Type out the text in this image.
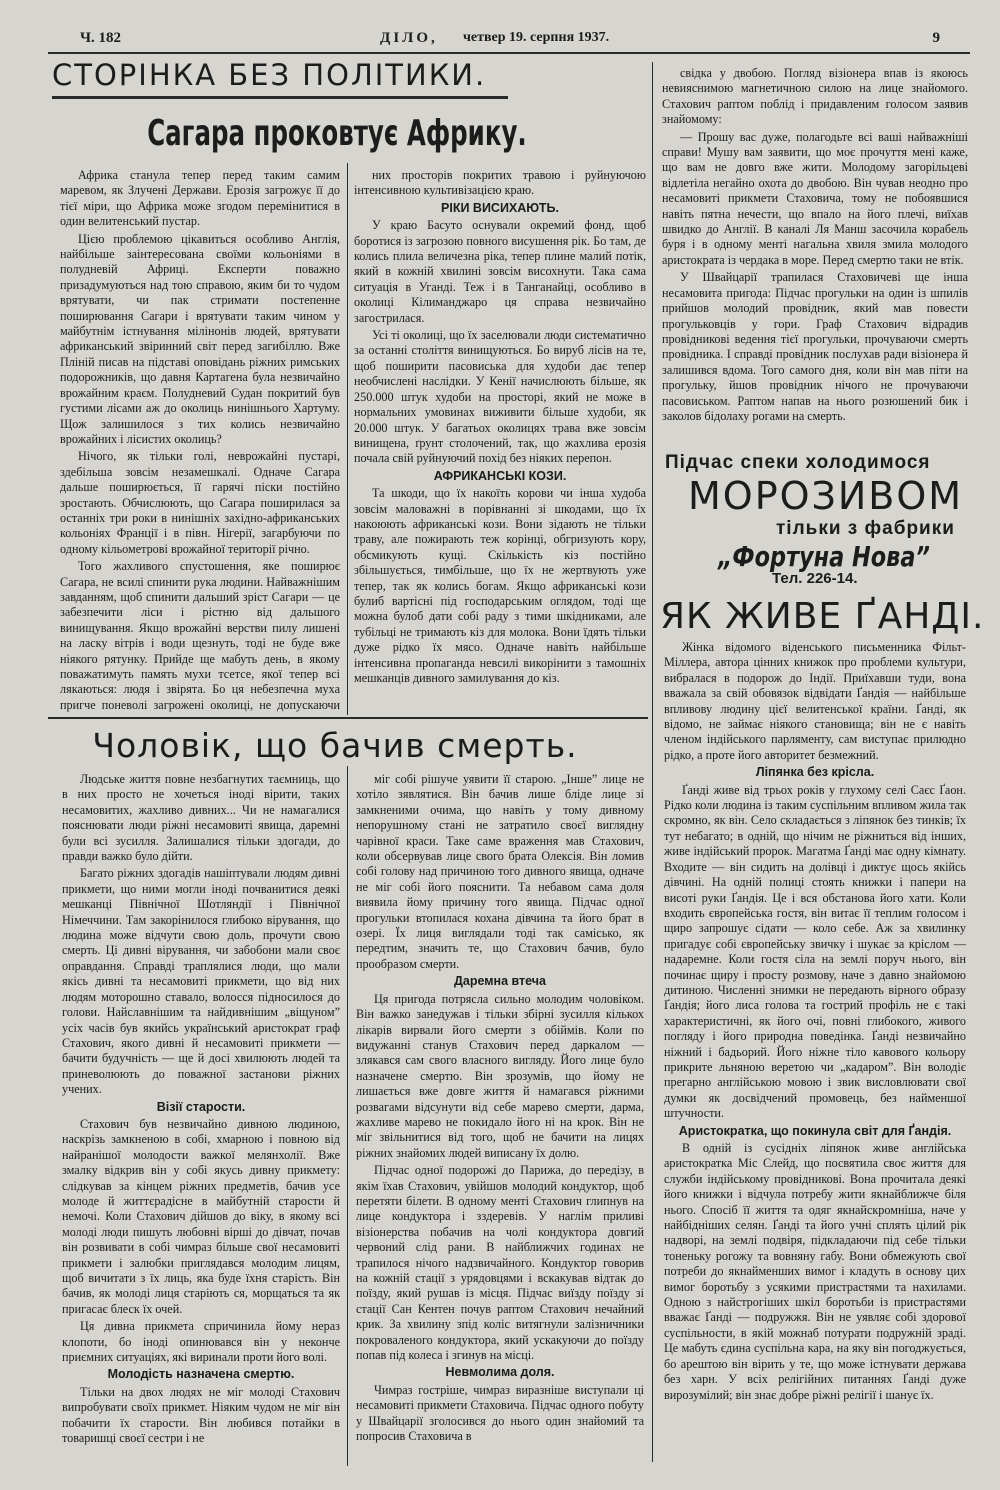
Ч. 182	ДІЛО, четвер 19. серпня 1937.	9
СТОРІНКА БЕЗ ПОЛІТИКИ.
Сагара проковтує Африку.

Африка станула тепер перед таким самим маревом, як Злучені Держави. Ерозія загрожує її до тієї міри, що Африка може згодом перемінитися в один велитенський пустар.

Цією проблемою цікавиться особливо Англія, найбільше заінтересована своїми кольоніями в полудневій Африці. Експерти поважно призадумуються над тою справою, яким би то чудом врятувати, чи пак стримати постепенне поширювання Сагари і врятувати таким чином у майбутнім істнування мілінонів людей, врятувати африканський звіринний світ перед загибіллю. Вже Пліній писав на підставі оповідань ріжних римських подорожників, що давня Картагена була незвичайно врожайним краєм. Полудневий Судан покритий був густими лісами аж до околиць нинішнього Хартуму. Щож залишилося з тих колись незвичайно врожайних і лісистих околиць?

Нічого, як тільки голі, неврожайні пустарі, здебільша зовсім незамешкалі. Одначе Сагара дальше поширюється, її гарячі піски постійно зростають. Обчислюють, що Сагара поширилася за останніх три роки в нинішніх західно-африканських кольоніях Франції і в півн. Нігерії, загарбуючи по одному кільометрові врожайної території річно.

Того жахливого спустошення, яке поширює Сагара, не всилі спинити рука людини. Найважнішим завданням, щоб спинити дальший зріст Сагари — це забезпечити ліси і рістню від дальшого винищування. Якщо врожайні верстви пилу лишені на ласку вітрів і води щезнуть, тоді не буде вже ніякого рятунку. Прийде ще мабуть день, в якому поважатимуть память мухи тсетсе, якої тепер всі лякаються: людя і звірята. Бо ця небезпечна муха пригче поневолі загрожені околиці, не допускаючи

них просторів покритих травою і руйнуючою інтенсивною культивізацією краю.

РІКИ ВИСИХАЮТЬ.

У краю Басуто оснували окремий фонд, щоб боротися із загрозою повного висушення рік. Бо там, де колись плила величезна ріка, тепер плине малий потік, який в кожній хвилині зовсім висохнути. Така сама ситуація в Уганді. Теж і в Танганайці, особливо в околиці Кілиманджаро ця справа незвичайно загострилася.

Усі ті околиці, що їх заселювали люди систематично за останні століття винищуються. Бо вируб лісів на те, щоб поширити пасовиська для худоби дає тепер необчислені наслідки. У Кенії начислюють більше, як 250.000 штук худоби на просторі, який не може в нормальних умовинах виживити більше худоби, як 20.000 штук. У багатьох околицях трава вже зовсім винищена, ґрунт столочений, так, що жахлива ерозія почала свій руйнуючий похід без ніяких перепон.

АФРИКАНСЬКІ КОЗИ.

Та шкоди, що їх накоїть корови чи інша худоба зовсім маловажні в порівнанні зі шкодами, що їх накоюють африканські кози. Вони зідають не тільки траву, але пожирають теж корінці, обгризують кору, обсмикують кущі. Скількість кіз постійно збільшується, тимбільше, що їх не жертвують уже тепер, так як колись богам. Якщо африканські кози булиб вартісні під господарським оглядом, тоді ще можна булоб дати собі раду з тими шкідниками, але тубільці не тримають кіз для молока. Вони їдять тільки дуже рідко їх мясо. Одначе навіть найбільше інтенсивна пропаганда невсилі викорінити з тамошніх мешканців дивного замилування до кіз.

Чоловік, що бачив смерть.

Людське життя повне незбагнутих таємниць, що в них просто не хочеться іноді вірити, таких несамовитих, жахливо дивних... Чи не намагалися пояснювати люди ріжні несамовиті явища, даремні були всі зусилля. Залишалися тільки здогади, до правди важко було дійти.

Багато ріжних здогадів нашіптували людям дивні прикмети, що ними могли іноді почванитися деякі мешканці Північної Шотляндії і Північної Німеччини. Там закорінилося глибоко вірування, що людина може відчути свою доль, прочути свою смерть. Ці дивні вірування, чи забобони мали своє оправдання. Справді траплялися люди, що мали якісь дивні та несамовиті прикмети, що від них людям моторошно ставало, волосся підносилося до голови. Найславнішим та найдивнішим „віщуном” усіх часів був якийсь український аристократ граф Стахович, якого дивні й несамовиті прикмети — бачити будучність — ще й досі хвилюють людей та приневолюють до поважної застанови ріжних учених.

Візії старости.

Стахович був незвичайно дивною людиною, наскрізь замкненою в собі, хмарною і повною від найранішої молодости важкої мелянхолії. Вже змалку відкрив він у собі якусь дивну прикмету: слідкував за кінцем ріжних предметів, бачив усе молоде й життєрадісне в майбутній старости й немочі. Коли Стахович дійшов до віку, в якому всі молоді люди пишуть любовні вірші до дівчат, почав він розвивати в собі чимраз більше свої несамовиті прикмети і залюбки приглядався молодим лицям, щоб вичитати з їх лиць, яка буде їхня старість. Він бачив, як молоді лиця старіють ся, морщаться та як пригасає блеск їх очей.

Ця дивна прикмета спричинила йому нераз клопоти, бо іноді опинювався він у неконче приємних ситуаціях, які виринали проти його волі.

Молодість назначена смертю.

Тільки на двох людях не міг молоді Стахович випробувати своїх прикмет. Ніяким чудом не міг він побачити їх старости. Він любився потайки в товаришці своєї сестри і не

міг собі рішуче уявити її старою. „Інше” лице не хотіло зявлятися. Він бачив лише бліде лице зі замкненими очима, що навіть у тому дивному непорушному стані не затратило своєї виглядну чарівної краси. Таке саме враження мав Стахович, коли обсервував лице свого брата Олексія. Він ломив собі голову над причиною того дивного явища, одначе не міг собі його пояснити. Та небавом сама доля виявила йому причину того явища. Підчас одної прогульки втопилася кохана дівчина та його брат в озері. Їх лиця виглядали тоді так самісько, як передтим, значить те, що Стахович бачив, було прообразом смерти.

Даремна втеча

Ця пригода потрясла сильно молодим чоловіком. Він важко занедужав і тільки збірні зусилля кількох лікарів вирвали його смерти з обіймів. Коли по видужанні станув Стахович перед даркалом — злякався сам свого власного вигляду. Його лице було назначене смертю. Він зрозумів, що йому не лишається вже довге життя й намагався ріжними розвагами відсунути від себе марево смерти, дарма, жахливе марево не покидало його ні на крок. Він не міг звільнитися від того, щоб не бачити на лицях ріжних знайомих людей виписану їх долю.

Підчас одної подорожі до Парижа, до передізу, в якім їхав Стахович, увійшов молодий кондуктор, щоб перетяти білети. В одному менті Стахович глипнув на лице кондуктора і зздеревів. У наглім приливі візіонерства побачив на чолі кондуктора довгий червоний слід рани. В найближчих годинах не трапилося нічого надзвичайного. Кондуктор говорив на кожній стації з урядовцями і вскакував відтак до поїзду, який рушав із місця. Підчас виїзду поїзду зі стації Сан Кентен почув раптом Стахович нечайний крик. За хвилину зпід коліс витягнули залізничники покроваленого кондуктора, який ускакуючи до поїзду попав під колеса і згинув на місці.

Невмолима доля.

Чимраз гостріше, чимраз виразніше виступали ці несамовиті прикмети Стаховича. Підчас одного побуту у Швайцарії зголосився до нього один знайомий та попросив Стаховича в

свідка у двобою. Погляд візіонера впав із якоюсь невияснимою магнетичною силою на лице знайомого. Стахович раптом поблід і придавленим голосом заявив знайомому:

— Прошу вас дуже, полагодьте всі ваші найважніші справи! Мушу вам заявити, що моє прочуття мені каже, що вам не довго вже жити. Молодому загорільцеві відлетіла негайно охота до двобою. Він чував неодно про несамовиті прикмети Стаховича, тому не побоявшися навіть пятна нечести, що впало на його плечі, виїхав швидко до Англії. В каналі Ля Манш засочила корабель буря і в одному менті нагальна хвиля змила молодого аристократа із чердака в море. Перед смертю таки не втік.

У Швайцарії трапилася Стаховичеві ще інша несамовита пригода: Підчас прогульки на один із шпилів прийшов молодий провідник, який мав повести прогульковців у гори. Граф Стахович відрадив провідникові ведення тієї прогульки, прочуваючи смерть провідника. І справді провідник послухав ради візіонера й залишився вдома. Того самого дня, коли він мав піти на прогульку, йшов провідник нічого не прочуваючи пасовиськом. Раптом напав на нього розюшений бик і заколов бідолаху рогами на смерть.

Підчас спеки холодимося
МОРОЗИВОМ
тільки з фабрики
„Фортуна Нова”
Тел. 226-14.
ЯК ЖИВЕ ҐАНДІ.

Жінка відомого віденського письменника Фільт-Міллера, автора цінних книжок про проблеми культури, вибралася в подорож до Індії. Приїхавши туди, вона вважала за свій обовязок відвідати Ґандія — найбільше впливову людину цієї велитенської країни. Ґанді, як відомо, не займає ніякого становища; він не є навіть членом індійського парляменту, сам виступає прилюдно рідко, а проте його авторитет безмежний.

Ліпянка без крісла.

Ґанді живе від трьох років у глухому селі Саєс Ґаон. Рідко коли людина із таким суспільним впливом жила так скромно, як він. Село складається з ліпянок без тинків; їх тут небагато; в одній, що нічим не ріжниться від інших, живе індійський пророк. Магатма Ґанді має одну кімнату. Входите — він сидить на долівці і диктує щось якійсь дівчині. На одній полиці стоять книжки і папери на висоті руки Ґандія. Це і вся обстанова його хати. Коли входить європейська гостя, він витає її теплим голосом і щиро запрошує сідати — коло себе. Аж за хвилинку пригадує собі європейську звичку і шукає за кріслом — надаремне. Коли гостя сіла на землі поруч нього, він починає щиру і просту розмову, наче з давно знайомою дитиною. Численні знимки не передають вірного образу Ґандія; його лиса голова та гострий профіль не є такі характеристичні, як його очі, повні глибокого, живого погляду і його природна поведінка. Ґанді незвичайно ніжний і бадьорий. Його ніжне тіло кавового кольору прикрите льняною веретою чи „кадаром”. Він володіє прегарно англійською мовою і звик висловлювати свої думки як досвідчений промовець, без найменшої штучности.

Аристократка, що покинула світ для Ґандія.

В одній із сусідніх ліпянок живе англійська аристократка Міс Слейд, що посвятила своє життя для служби індійському провідникові. Вона прочитала деякі його книжки і відчула потребу жити якнайближче біля нього. Спосіб її життя та одяг якнайскромніша, наче у найбідніших селян. Ґанді та його учні сплять цілий рік надворі, на землі подвіря, підкладаючи під себе тільки тоненьку рогожу та вовняну габу. Вони обмежують свої потреби до якнайменших вимог і кладуть в основу цих вимог боротьбу з усякими пристрастями та нахилами. Одною з найстрогіших шкіл боротьби із пристрастями вважає Ґанді — подружжя. Він не уявляє собі здорової суспільности, в якій можнаб потурати подружній зраді. Це мабуть єдина суспільна кара, на яку він погоджується, бо арештою він вірить у те, що може істнувати держава без харн. У всіх релігійних питаннях Ґанді дуже вирозумілий; він знає добре ріжні релігії і шанує їх.
